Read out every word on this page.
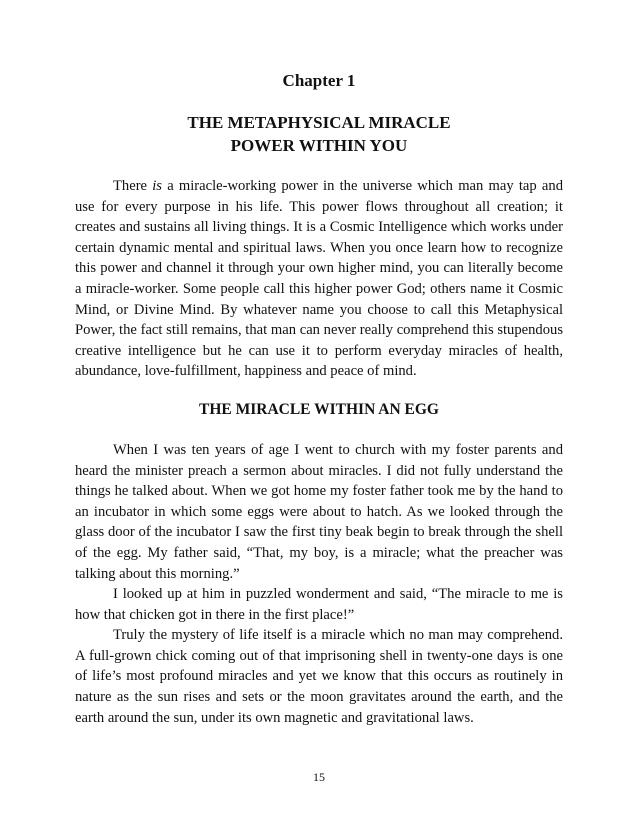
Chapter 1
THE METAPHYSICAL MIRACLE
POWER WITHIN YOU

There is a miracle-working power in the universe which man may tap and use for every purpose in his life. This power flows throughout all creation; it creates and sustains all living things. It is a Cosmic Intelligence which works under certain dynamic mental and spiritual laws. When you once learn how to recognize this power and channel it through your own higher mind, you can literally become a miracle-worker. Some people call this higher power God; others name it Cosmic Mind, or Divine Mind. By whatever name you choose to call this Metaphysical Power, the fact still remains, that man can never really comprehend this stupendous creative intelligence but he can use it to perform everyday miracles of health, abundance, love-fulfillment, happiness and peace of mind.

THE MIRACLE WITHIN AN EGG

When I was ten years of age I went to church with my foster parents and heard the minister preach a sermon about miracles. I did not fully understand the things he talked about. When we got home my foster father took me by the hand to an incubator in which some eggs were about to hatch. As we looked through the glass door of the incubator I saw the first tiny beak begin to break through the shell of the egg. My father said, “That, my boy, is a miracle; what the preacher was talking about this morning.”

I looked up at him in puzzled wonderment and said, “The miracle to me is how that chicken got in there in the first place!”

Truly the mystery of life itself is a miracle which no man may comprehend. A full-grown chick coming out of that imprisoning shell in twenty-one days is one of life’s most profound miracles and yet we know that this occurs as routinely in nature as the sun rises and sets or the moon gravitates around the earth, and the earth around the sun, under its own magnetic and gravitational laws.

15
